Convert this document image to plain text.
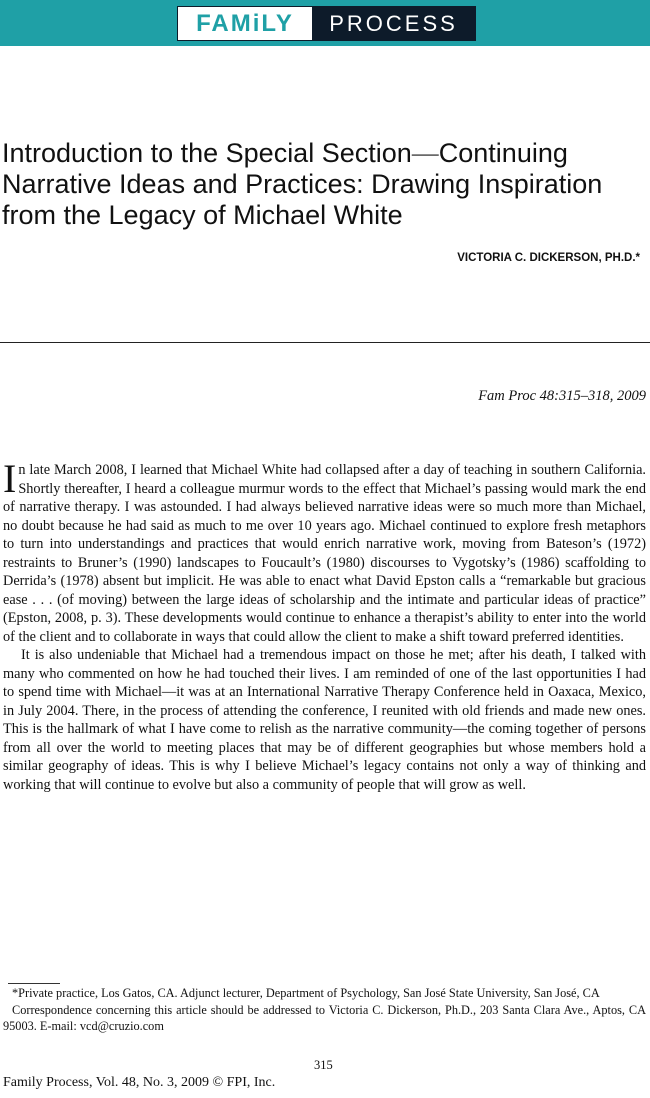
FAMiLY	PROCESS
Introduction to the Special Section—Continuing
Narrative Ideas and Practices: Drawing Inspiration
from the Legacy of Michael White
VICTORIA C. DICKERSON, PH.D.*
Fam Proc 48:315–318, 2009

In late March 2008, I learned that Michael White had collapsed after a day of teaching in southern California. Shortly thereafter, I heard a colleague murmur words to the effect that Michael’s passing would mark the end of narrative therapy. I was astounded. I had always believed narrative ideas were so much more than Michael, no doubt because he had said as much to me over 10 years ago. Michael continued to explore fresh metaphors to turn into understandings and practices that would enrich narrative work, moving from Bateson’s (1972) restraints to Bruner’s (1990) landscapes to Foucault’s (1980) discourses to Vygotsky’s (1986) scaffolding to Derrida’s (1978) absent but implicit. He was able to enact what David Epston calls a “remarkable but gracious ease . . . (of moving) between the large ideas of scholarship and the intimate and particular ideas of practice” (Epston, 2008, p. 3). These developments would continue to enhance a therapist’s ability to enter into the world of the client and to collaborate in ways that could allow the client to make a shift toward preferred identities.

It is also undeniable that Michael had a tremendous impact on those he met; after his death, I talked with many who commented on how he had touched their lives. I am reminded of one of the last opportunities I had to spend time with Michael—it was at an International Narrative Therapy Conference held in Oaxaca, Mexico, in July 2004. There, in the process of attending the conference, I reunited with old friends and made new ones. This is the hallmark of what I have come to relish as the narrative community—the coming together of persons from all over the world to meeting places that may be of different geographies but whose members hold a similar geography of ideas. This is why I believe Michael’s legacy contains not only a way of thinking and working that will continue to evolve but also a community of people that will grow as well.

*Private practice, Los Gatos, CA. Adjunct lecturer, Department of Psychology, San José State University, San José, CA

Correspondence concerning this article should be addressed to Victoria C. Dickerson, Ph.D., 203 Santa Clara Ave., Aptos, CA 95003. E-mail: vcd@cruzio.com

315
Family Process, Vol. 48, No. 3, 2009 © FPI, Inc.
